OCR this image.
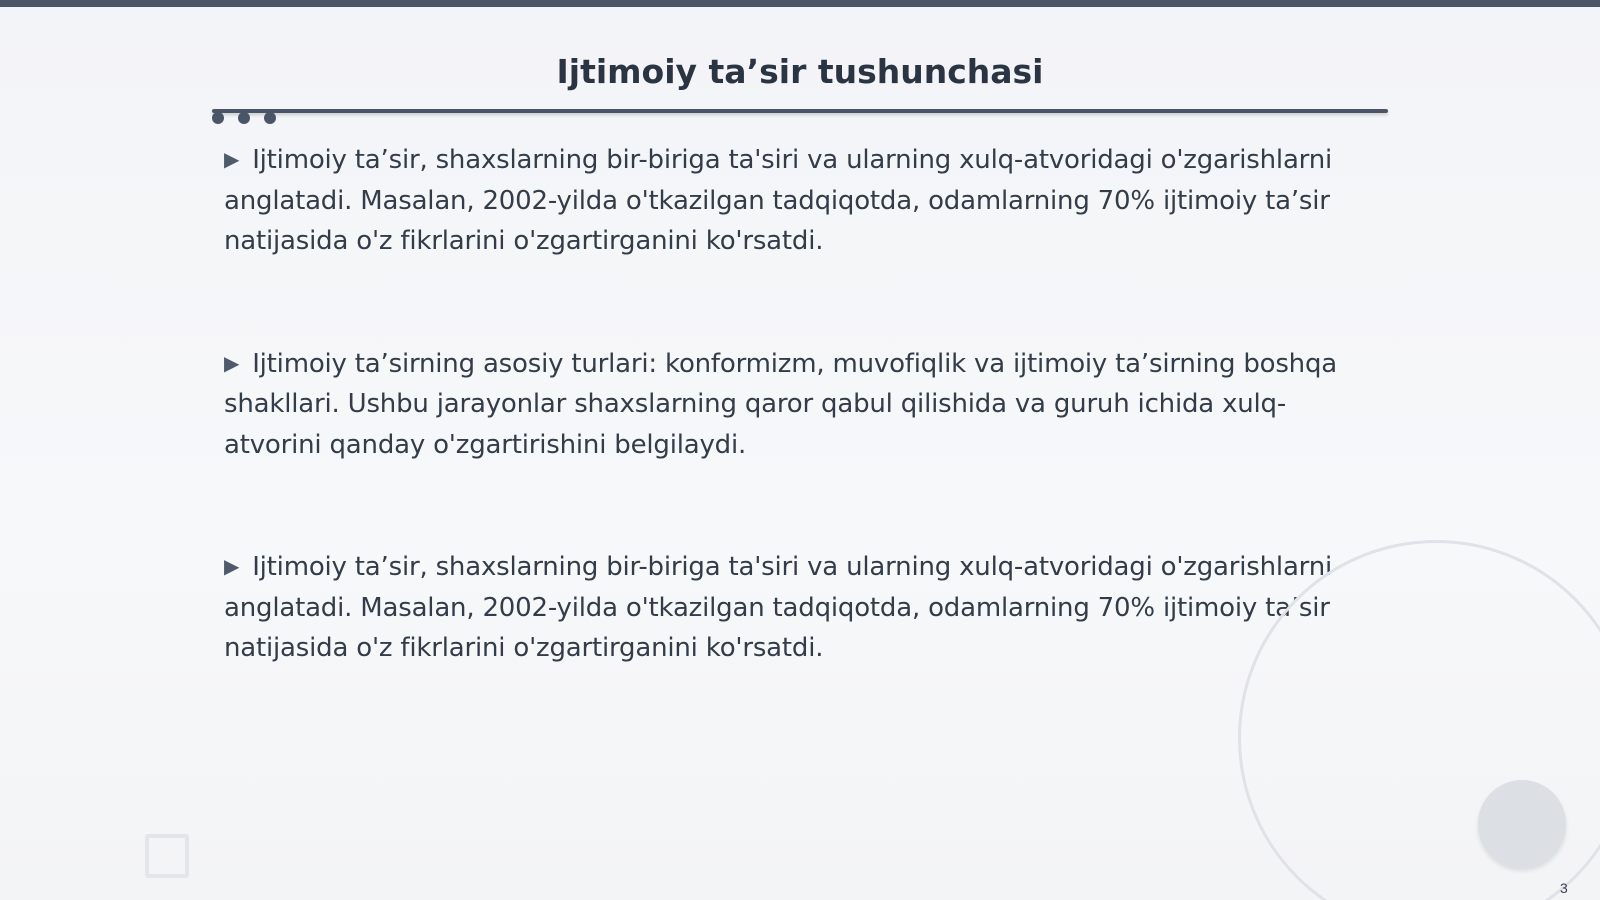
Ijtimoiy ta’sir tushunchasi

▶ Ijtimoiy ta’sir, shaxslarning bir-biriga ta'siri va ularning xulq-atvoridagi o'zgarishlarni anglatadi. Masalan, 2002-yilda o'tkazilgan tadqiqotda, odamlarning 70% ijtimoiy ta’sir natijasida o'z fikrlarini o'zgartirganini ko'rsatdi.

▶ Ijtimoiy ta’sirning asosiy turlari: konformizm, muvofiqlik va ijtimoiy ta’sirning boshqa shakllari. Ushbu jarayonlar shaxslarning qaror qabul qilishida va guruh ichida xulq-atvorini qanday o'zgartirishini belgilaydi.

▶ Ijtimoiy ta’sir, shaxslarning bir-biriga ta'siri va ularning xulq-atvoridagi o'zgarishlarni anglatadi. Masalan, 2002-yilda o'tkazilgan tadqiqotda, odamlarning 70% ijtimoiy ta’sir natijasida o'z fikrlarini o'zgartirganini ko'rsatdi.

3
